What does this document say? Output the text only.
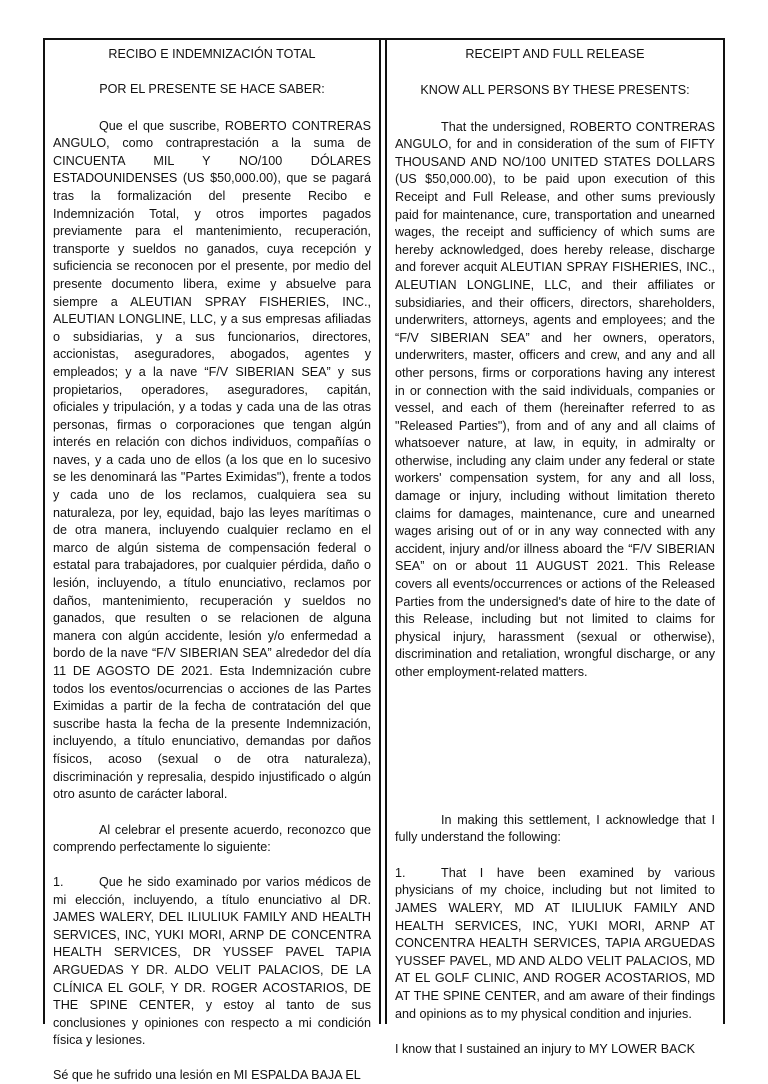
RECIBO E INDEMNIZACIÓN TOTAL

POR EL PRESENTE SE HACE SABER:

Que el que suscribe, ROBERTO CONTRERAS ANGULO, como contraprestación a la suma de CINCUENTA MIL Y NO/100 DÓLARES ESTADOUNIDENSES (US $50,000.00), que se pagará tras la formalización del presente Recibo e Indemnización Total, y otros importes pagados previamente para el mantenimiento, recuperación, transporte y sueldos no ganados, cuya recepción y suficiencia se reconocen por el presente, por medio del presente documento libera, exime y absuelve para siempre a ALEUTIAN SPRAY FISHERIES, INC., ALEUTIAN LONGLINE, LLC, y a sus empresas afiliadas o subsidiarias, y a sus funcionarios, directores, accionistas, aseguradores, abogados, agentes y empleados; y a la nave “F/V SIBERIAN SEA” y sus propietarios, operadores, aseguradores, capitán, oficiales y tripulación, y a todas y cada una de las otras personas, firmas o corporaciones que tengan algún interés en relación con dichos individuos, compañías o naves, y a cada uno de ellos (a los que en lo sucesivo se les denominará las "Partes Eximidas"), frente a todos y cada uno de los reclamos, cualquiera sea su naturaleza, por ley, equidad, bajo las leyes marítimas o de otra manera, incluyendo cualquier reclamo en el marco de algún sistema de compensación federal o estatal para trabajadores, por cualquier pérdida, daño o lesión, incluyendo, a título enunciativo, reclamos por daños, mantenimiento, recuperación y sueldos no ganados, que resulten o se relacionen de alguna manera con algún accidente, lesión y/o enfermedad a bordo de la nave “F/V SIBERIAN SEA” alrededor del día 11 DE AGOSTO DE 2021. Esta Indemnización cubre todos los eventos/ocurrencias o acciones de las Partes Eximidas a partir de la fecha de contratación del que suscribe hasta la fecha de la presente Indemnización, incluyendo, a título enunciativo, demandas por daños físicos, acoso (sexual o de otra naturaleza), discriminación y represalia, despido injustificado o algún otro asunto de carácter laboral.

Al celebrar el presente acuerdo, reconozco que comprendo perfectamente lo siguiente:

1.	Que he sido examinado por varios médicos de mi elección, incluyendo, a título enunciativo al DR. JAMES WALERY, DEL ILIULIUK FAMILY AND HEALTH SERVICES, INC, YUKI MORI, ARNP DE CONCENTRA HEALTH SERVICES, DR YUSSEF PAVEL TAPIA ARGUEDAS Y DR. ALDO VELIT PALACIOS, DE LA CLÍNICA EL GOLF, Y DR. ROGER ACOSTARIOS, DE THE SPINE CENTER, y estoy al tanto de sus conclusiones y opiniones con respecto a mi condición física y lesiones.

Sé que he sufrido una lesión en MI ESPALDA BAJA EL

RECEIPT AND FULL RELEASE

KNOW ALL PERSONS BY THESE PRESENTS:

That the undersigned, ROBERTO CONTRERAS ANGULO, for and in consideration of the sum of FIFTY THOUSAND AND NO/100 UNITED STATES DOLLARS (US $50,000.00), to be paid upon execution of this Receipt and Full Release, and other sums previously paid for maintenance, cure, transportation and unearned wages, the receipt and sufficiency of which sums are hereby acknowledged, does hereby release, discharge and forever acquit ALEUTIAN SPRAY FISHERIES, INC., ALEUTIAN LONGLINE, LLC, and their affiliates or subsidiaries, and their officers, directors, shareholders, underwriters, attorneys, agents and employees; and the “F/V SIBERIAN SEA” and her owners, operators, underwriters, master, officers and crew, and any and all other persons, firms or corporations having any interest in or connection with the said individuals, companies or vessel, and each of them (hereinafter referred to as "Released Parties"), from and of any and all claims of whatsoever nature, at law, in equity, in admiralty or otherwise, including any claim under any federal or state workers' compensation system, for any and all loss, damage or injury, including without limitation thereto claims for damages, maintenance, cure and unearned wages arising out of or in any way connected with any accident, injury and/or illness aboard the “F/V SIBERIAN SEA” on or about 11 AUGUST 2021. This Release covers all events/occurrences or actions of the Released Parties from the undersigned's date of hire to the date of this Release, including but not limited to claims for physical injury, harassment (sexual or otherwise), discrimination and retaliation, wrongful discharge, or any other employment-related matters.

In making this settlement, I acknowledge that I fully understand the following:

1.	That I have been examined by various physicians of my choice, including but not limited to JAMES WALERY, MD AT ILIULIUK FAMILY AND HEALTH SERVICES, INC, YUKI MORI, ARNP AT CONCENTRA HEALTH SERVICES, TAPIA ARGUEDAS YUSSEF PAVEL, MD AND ALDO VELIT PALACIOS, MD AT EL GOLF CLINIC, AND ROGER ACOSTARIOS, MD AT THE SPINE CENTER, and am aware of their findings and opinions as to my physical condition and injuries.

I know that I sustained an injury to MY LOWER BACK
